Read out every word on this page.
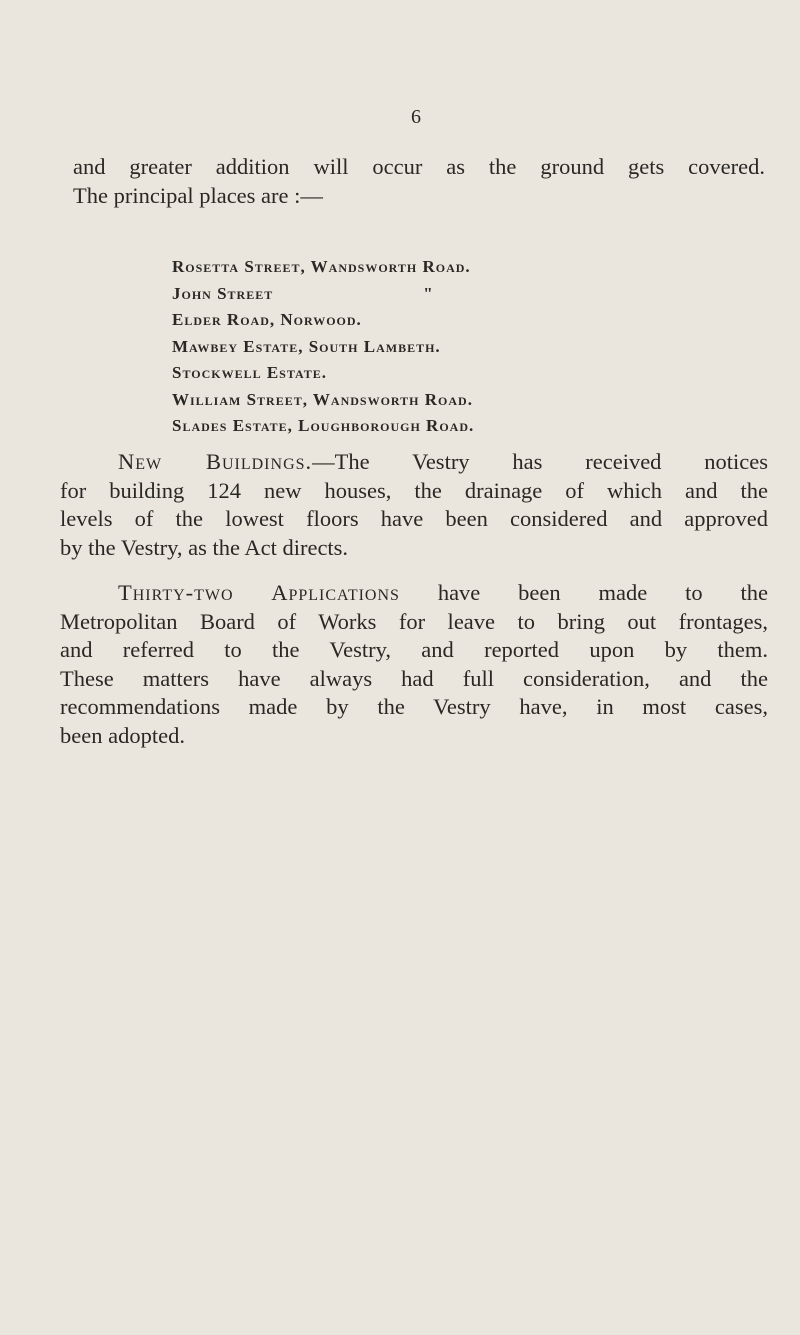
6

and greater addition will occur as the ground gets covered.
The principal places are :—

Rosetta Street, Wandsworth Road.
John Street	"
Elder Road, Norwood.
Mawbey Estate, South Lambeth.
Stockwell Estate.
William Street, Wandsworth Road.
Slades Estate, Loughborough Road.

New Buildings.—The Vestry has received notices
for building 124 new houses, the drainage of which and the
levels of the lowest floors have been considered and approved
by the Vestry, as the Act directs.

Thirty-two Applications have been made to the
Metropolitan Board of Works for leave to bring out frontages,
and referred to the Vestry, and reported upon by them.
These matters have always had full consideration, and the
recommendations made by the Vestry have, in most cases,
been adopted.
